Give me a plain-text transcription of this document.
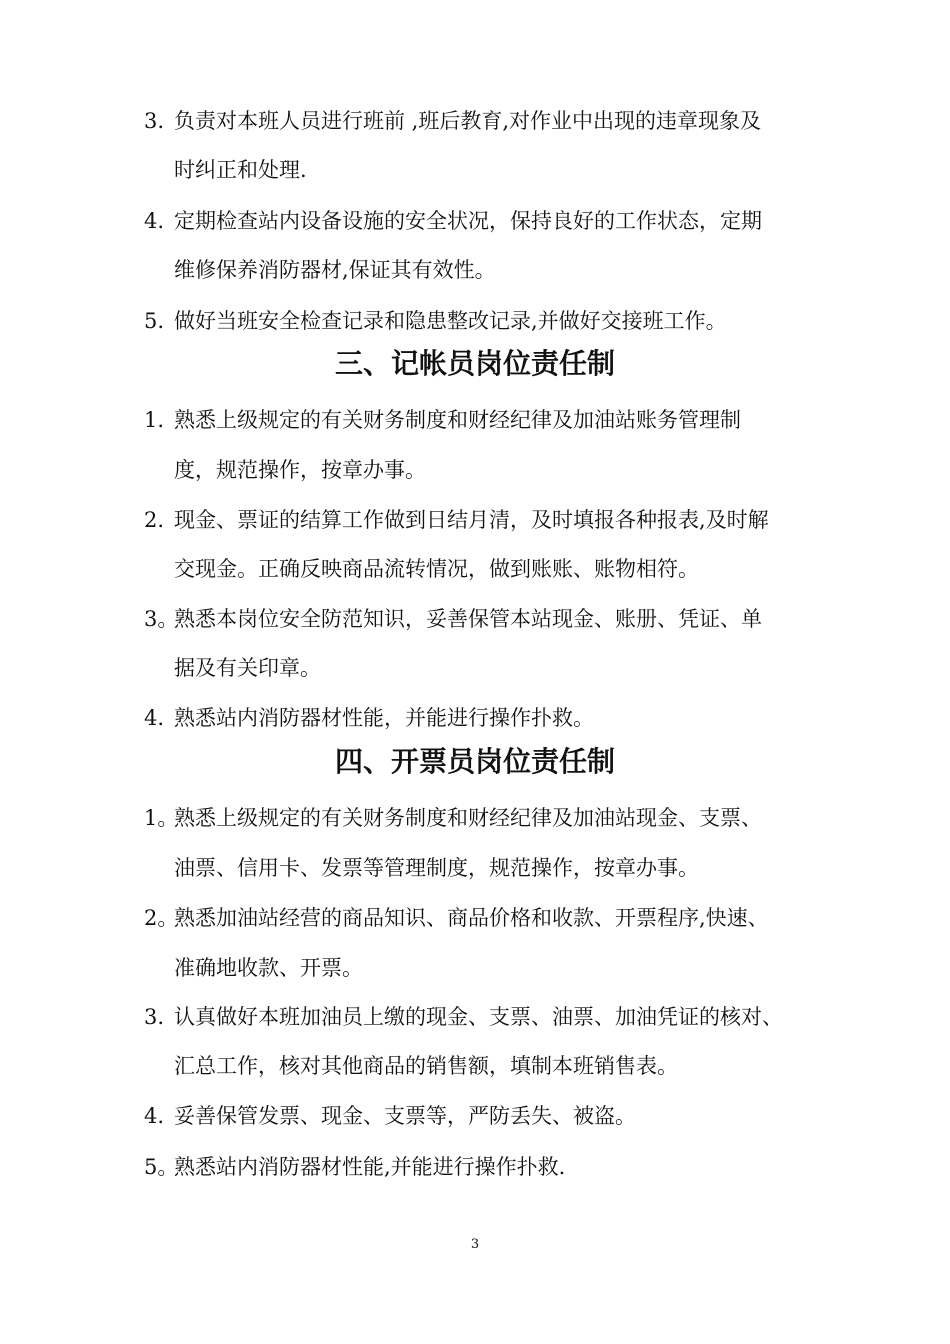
3. 负责对本班人员进行班前 ,班后教育,对作业中出现的违章现象及
时纠正和处理.
4. 定期检查站内设备设施的安全状况，保持良好的工作状态，定期
维修保养消防器材,保证其有效性。
5. 做好当班安全检查记录和隐患整改记录,并做好交接班工作。
三、记帐员岗位责任制
1. 熟悉上级规定的有关财务制度和财经纪律及加油站账务管理制
度，规范操作，按章办事。
2. 现金、票证的结算工作做到日结月清，及时填报各种报表,及时解
交现金。正确反映商品流转情况，做到账账、账物相符。
3。
熟悉本岗位安全防范知识，妥善保管本站现金、账册、凭证、单
据及有关印章。
4. 熟悉站内消防器材性能，并能进行操作扑救。
四、开票员岗位责任制
1。
熟悉上级规定的有关财务制度和财经纪律及加油站现金、支票、
油票、信用卡、发票等管理制度，规范操作，按章办事。
2。
熟悉加油站经营的商品知识、商品价格和收款、开票程序,快速、
准确地收款、开票。
3. 认真做好本班加油员上缴的现金、支票、油票、加油凭证的核对、
汇总工作，核对其他商品的销售额，填制本班销售表。
4. 妥善保管发票、现金、支票等，严防丢失、被盗。
5。
熟悉站内消防器材性能,并能进行操作扑救.
3
